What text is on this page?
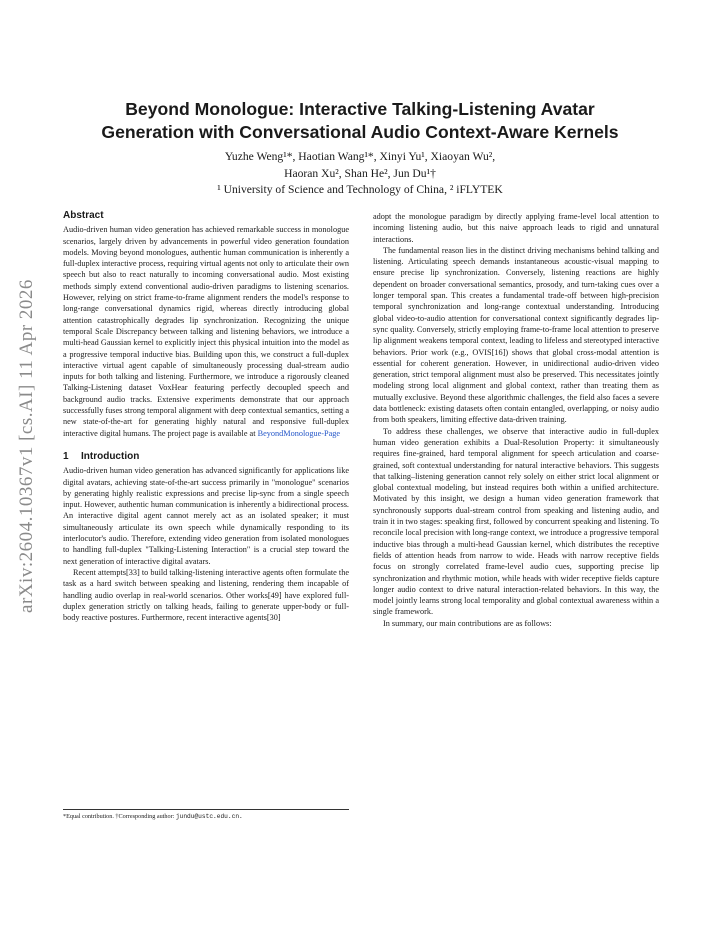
arXiv:2604.10367v1 [cs.AI] 11 Apr 2026
Beyond Monologue: Interactive Talking-Listening Avatar
Generation with Conversational Audio Context-Aware Kernels
Yuzhe Weng¹*, Haotian Wang¹*, Xinyi Yu¹, Xiaoyan Wu²,
Haoran Xu², Shan He², Jun Du¹†
¹ University of Science and Technology of China, ² iFLYTEK
Abstract

Audio-driven human video generation has achieved remarkable success in monologue scenarios, largely driven by advancements in powerful video generation foundation models. Moving beyond monologues, authentic human communication is inherently a full-duplex interactive process, requiring virtual agents not only to articulate their own speech but also to react naturally to incoming conversational audio. Most existing methods simply extend conventional audio-driven paradigms to listening scenarios. However, relying on strict frame-to-frame alignment renders the model's response to long-range conversational dynamics rigid, whereas directly introducing global attention catastrophically degrades lip synchronization. Recognizing the unique temporal Scale Discrepancy between talking and listening behaviors, we introduce a multi-head Gaussian kernel to explicitly inject this physical intuition into the model as a progressive temporal inductive bias. Building upon this, we construct a full-duplex interactive virtual agent capable of simultaneously processing dual-stream audio inputs for both talking and listening. Furthermore, we introduce a rigorously cleaned Talking-Listening dataset VoxHear featuring perfectly decoupled speech and background audio tracks. Extensive experiments demonstrate that our approach successfully fuses strong temporal alignment with deep contextual semantics, setting a new state-of-the-art for generating highly natural and responsive full-duplex interactive digital humans. The project page is available at BeyondMonologue-Page

1 Introduction

Audio-driven human video generation has advanced significantly for applications like digital avatars, achieving state-of-the-art success primarily in "monologue" scenarios by generating highly realistic expressions and precise lip-sync from a single speech input. However, authentic human communication is inherently a bidirectional process. An interactive digital agent cannot merely act as an isolated speaker; it must simultaneously articulate its own speech while dynamically responding to its interlocutor's audio. Therefore, extending video generation from isolated monologues to handling full-duplex "Talking-Listening Interaction" is a crucial step toward the next generation of interactive digital avatars.

Recent attempts[33] to build talking-listening interactive agents often formulate the task as a hard switch between speaking and listening, rendering them incapable of handling audio overlap in real-world scenarios. Other works[49] have explored full-duplex generation strictly on talking heads, failing to generate upper-body or full-body reactive postures. Furthermore, recent interactive agents[30]

adopt the monologue paradigm by directly applying frame-level local attention to incoming listening audio, but this naive approach leads to rigid and unnatural interactions.

The fundamental reason lies in the distinct driving mechanisms behind talking and listening. Articulating speech demands instantaneous acoustic-visual mapping to ensure precise lip synchronization. Conversely, listening reactions are highly dependent on broader conversational semantics, prosody, and turn-taking cues over a longer temporal span. This creates a fundamental trade-off between high-precision temporal synchronization and long-range contextual understanding. Introducing global video-to-audio attention for conversational context significantly degrades lip-sync quality. Conversely, strictly employing frame-to-frame local attention to preserve lip alignment weakens temporal context, leading to lifeless and stereotyped interactive behaviors. Prior work (e.g., OVIS[16]) shows that global cross-modal attention is essential for coherent generation. However, in unidirectional audio-driven video generation, strict temporal alignment must also be preserved. This necessitates jointly modeling strong local alignment and global context, rather than treating them as mutually exclusive. Beyond these algorithmic challenges, the field also faces a severe data bottleneck: existing datasets often contain entangled, overlapping, or noisy audio from both speakers, limiting effective data-driven training.

To address these challenges, we observe that interactive audio in full-duplex human video generation exhibits a Dual-Resolution Property: it simultaneously requires fine-grained, hard temporal alignment for speech articulation and coarse-grained, soft contextual understanding for natural interactive behaviors. This suggests that talking–listening generation cannot rely solely on either strict local alignment or global contextual modeling, but instead requires both within a unified architecture. Motivated by this insight, we design a human video generation framework that synchronously supports dual-stream control from speaking and listening audio, and train it in two stages: speaking first, followed by concurrent speaking and listening. To reconcile local precision with long-range context, we introduce a progressive temporal inductive bias through a multi-head Gaussian kernel, which distributes the receptive fields of attention heads from narrow to wide. Heads with narrow receptive fields focus on strongly correlated frame-level audio cues, supporting precise lip synchronization and rhythmic motion, while heads with wider receptive fields capture longer audio context to drive natural interaction-related behaviors. In this way, the model jointly learns strong local temporality and global contextual awareness within a single framework.

In summary, our main contributions are as follows:

*Equal contribution. †Corresponding author: jundu@ustc.edu.cn.
